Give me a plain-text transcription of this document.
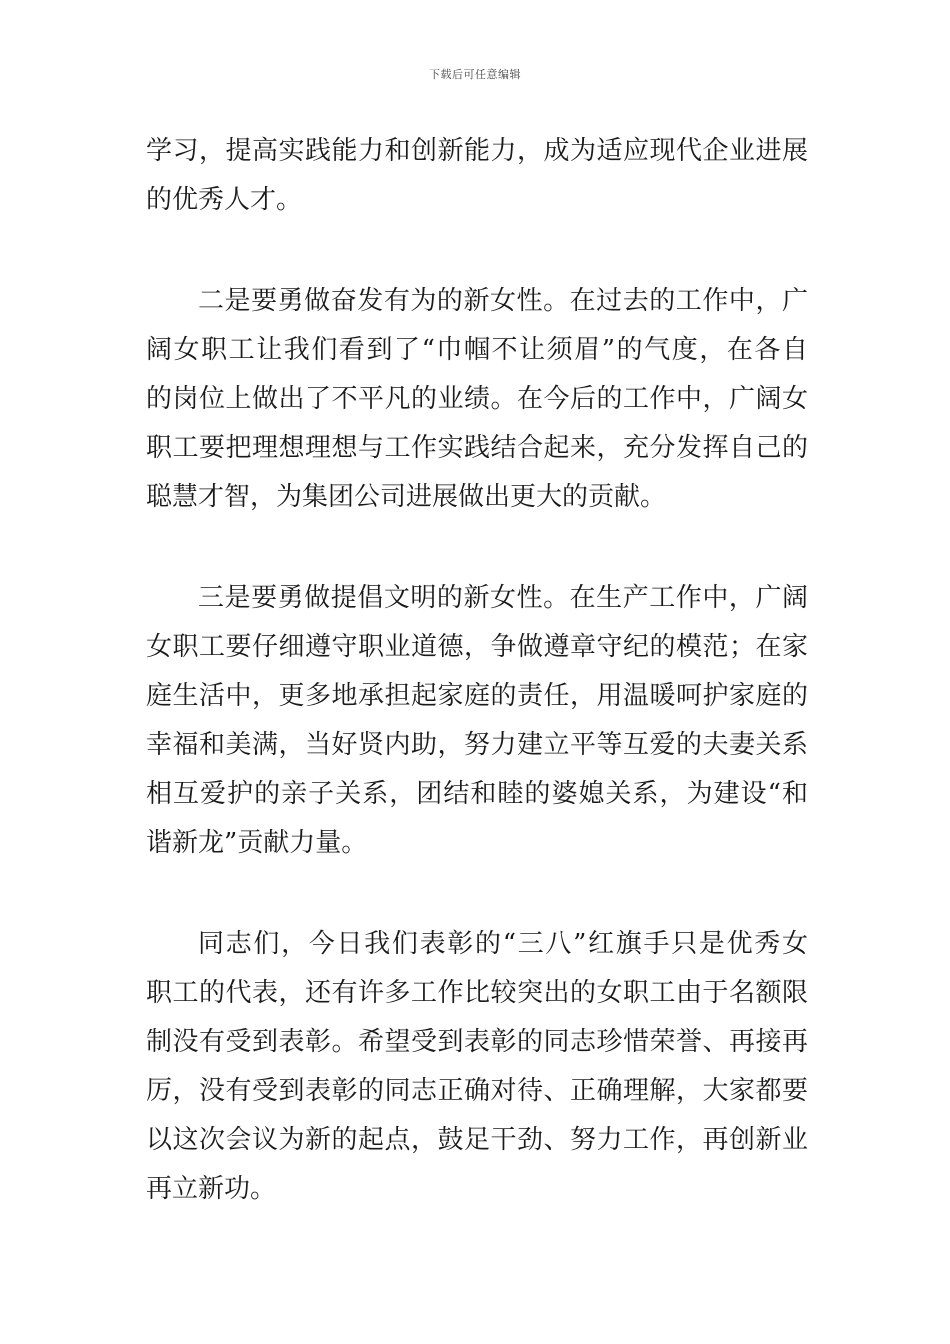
下载后可任意编辑
学习，提高实践能力和创新能力，成为适应现代企业进展
的优秀人才。
二是要勇做奋发有为的新女性。在过去的工作中，广
阔女职工让我们看到了“巾帼不让须眉”的气度，在各自
的岗位上做出了不平凡的业绩。在今后的工作中，广阔女
职工要把理想理想与工作实践结合起来，充分发挥自己的
聪慧才智，为集团公司进展做出更大的贡献。
三是要勇做提倡文明的新女性。在生产工作中，广阔
女职工要仔细遵守职业道德，争做遵章守纪的模范；在家
庭生活中，更多地承担起家庭的责任，用温暖呵护家庭的
幸福和美满，当好贤内助，努力建立平等互爱的夫妻关系
相互爱护的亲子关系，团结和睦的婆媳关系，为建设“和
谐新龙”贡献力量。
同志们，今日我们表彰的“三八”红旗手只是优秀女
职工的代表，还有许多工作比较突出的女职工由于名额限
制没有受到表彰。希望受到表彰的同志珍惜荣誉、再接再
厉，没有受到表彰的同志正确对待、正确理解，大家都要
以这次会议为新的起点，鼓足干劲、努力工作，再创新业
再立新功。
